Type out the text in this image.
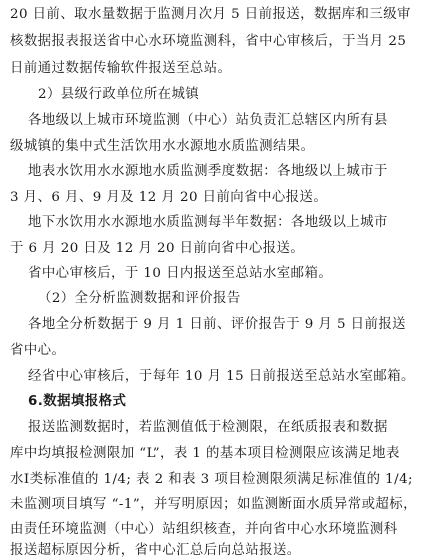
20 日前、取水量数据于监测月次月 5 日前报送，数据库和三级审
核数据报表报送省中心水环境监测科，省中心审核后，于当月 25
日前通过数据传输软件报送至总站。
2）县级行政单位所在城镇
各地级以上城市环境监测（中心）站负责汇总辖区内所有县
级城镇的集中式生活饮用水水源地水质监测结果。
地表水饮用水水源地水质监测季度数据：各地级以上城市于
3 月、6 月、9 月及 12 月 20 日前向省中心报送。
地下水饮用水水源地水质监测每半年数据：各地级以上城市
于 6 月 20 日及 12 月 20 日前向省中心报送。
省中心审核后，于 10 日内报送至总站水室邮箱。
（2）全分析监测数据和评价报告
各地全分析数据于 9 月 1 日前、评价报告于 9 月 5 日前报送
省中心。
经省中心审核后，于每年 10 月 15 日前报送至总站水室邮箱。
6.数据填报格式
报送监测数据时，若监测值低于检测限，在纸质报表和数据
库中均填报检测限加 “L”，表 1 的基本项目检测限应该满足地表
水Ⅰ类标准值的 1/4; 表 2 和表 3 项目检测限须满足标准值的 1/4;
未监测项目填写 “-1”，并写明原因；如监测断面水质异常或超标，
由责任环境监测（中心）站组织核查，并向省中心水环境监测科
报送超标原因分析，省中心汇总后向总站报送。
